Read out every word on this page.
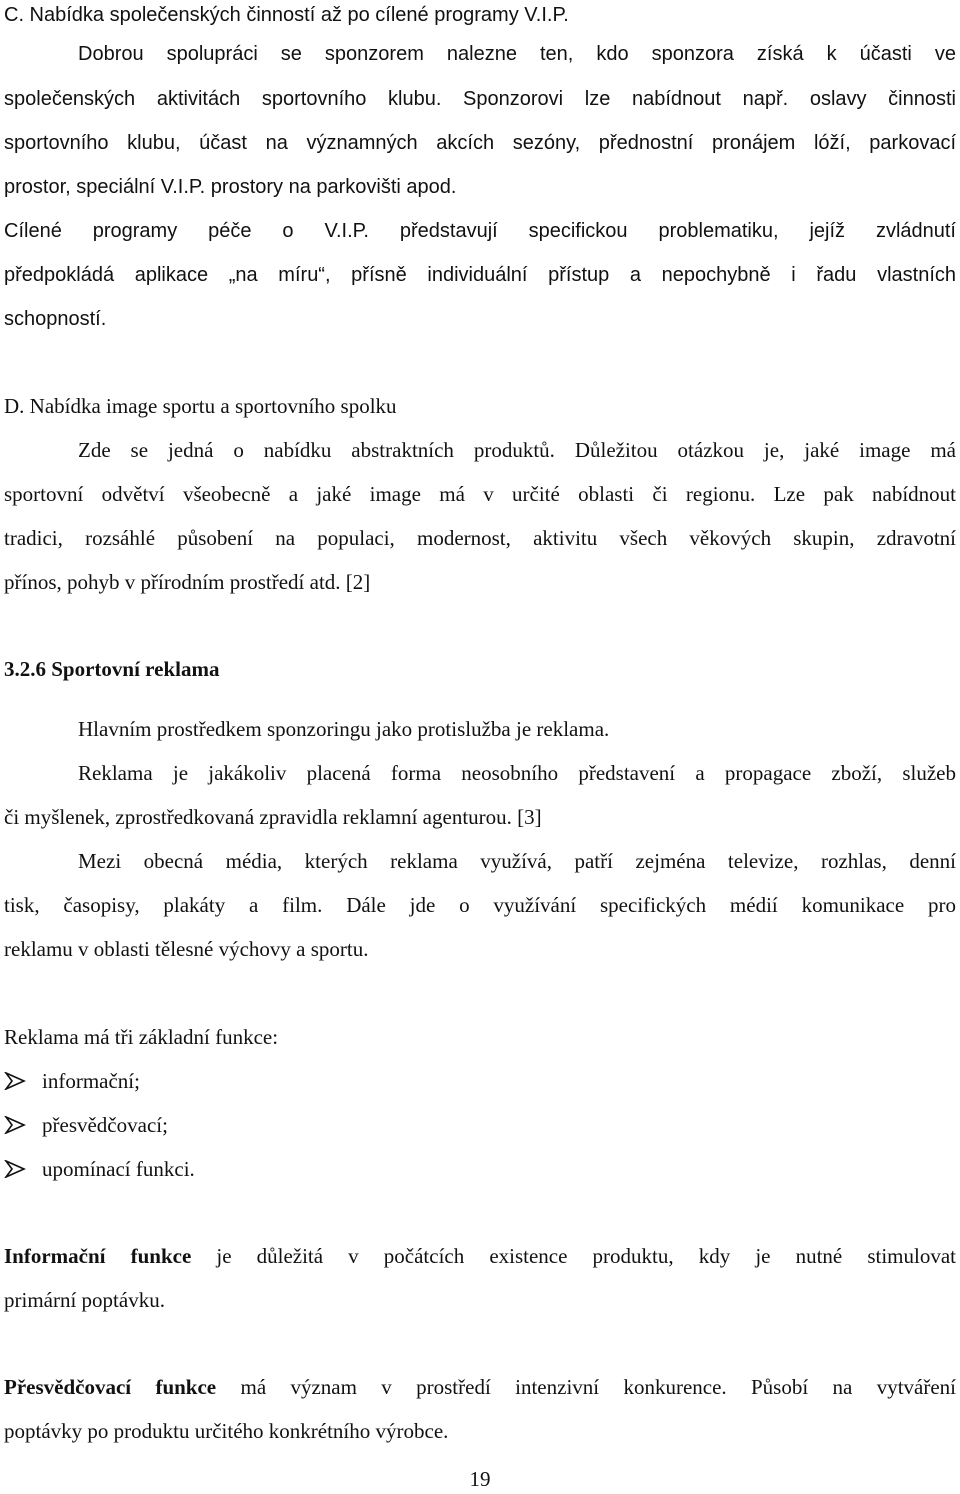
C. Nabídka společenských činností až po cílené programy V.I.P.
Dobrou spolupráci se sponzorem nalezne ten, kdo sponzora získá k účasti ve
společenských aktivitách sportovního klubu. Sponzorovi lze nabídnout např. oslavy činnosti
sportovního klubu, účast na významných akcích sezóny, přednostní pronájem lóží, parkovací
prostor, speciální V.I.P. prostory na parkovišti apod.
Cílené programy péče o V.I.P. představují specifickou problematiku, jejíž zvládnutí
předpokládá aplikace „na míru“, přísně individuální přístup a nepochybně i řadu vlastních
schopností.
D. Nabídka image sportu a sportovního spolku
Zde se jedná o nabídku abstraktních produktů. Důležitou otázkou je, jaké image má
sportovní odvětví všeobecně a jaké image má v určité oblasti či regionu. Lze pak nabídnout
tradici, rozsáhlé působení na populaci, modernost, aktivitu všech věkových skupin, zdravotní
přínos, pohyb v přírodním prostředí atd. [2]
3.2.6 Sportovní reklama
Hlavním prostředkem sponzoringu jako protislužba je reklama.
Reklama je jakákoliv placená forma neosobního představení a propagace zboží, služeb
či myšlenek, zprostředkovaná zpravidla reklamní agenturou. [3]
Mezi obecná média, kterých reklama využívá, patří zejména televize, rozhlas, denní
tisk, časopisy, plakáty a film. Dále jde o využívání specifických médií komunikace pro
reklamu v oblasti tělesné výchovy a sportu.
Reklama má tři základní funkce:
informační;
přesvědčovací;
upomínací funkci.
Informační funkce je důležitá v počátcích existence produktu, kdy je nutné stimulovat
primární poptávku.
Přesvědčovací funkce má význam v prostředí intenzivní konkurence. Působí na vytváření
poptávky po produktu určitého konkrétního výrobce.
19
